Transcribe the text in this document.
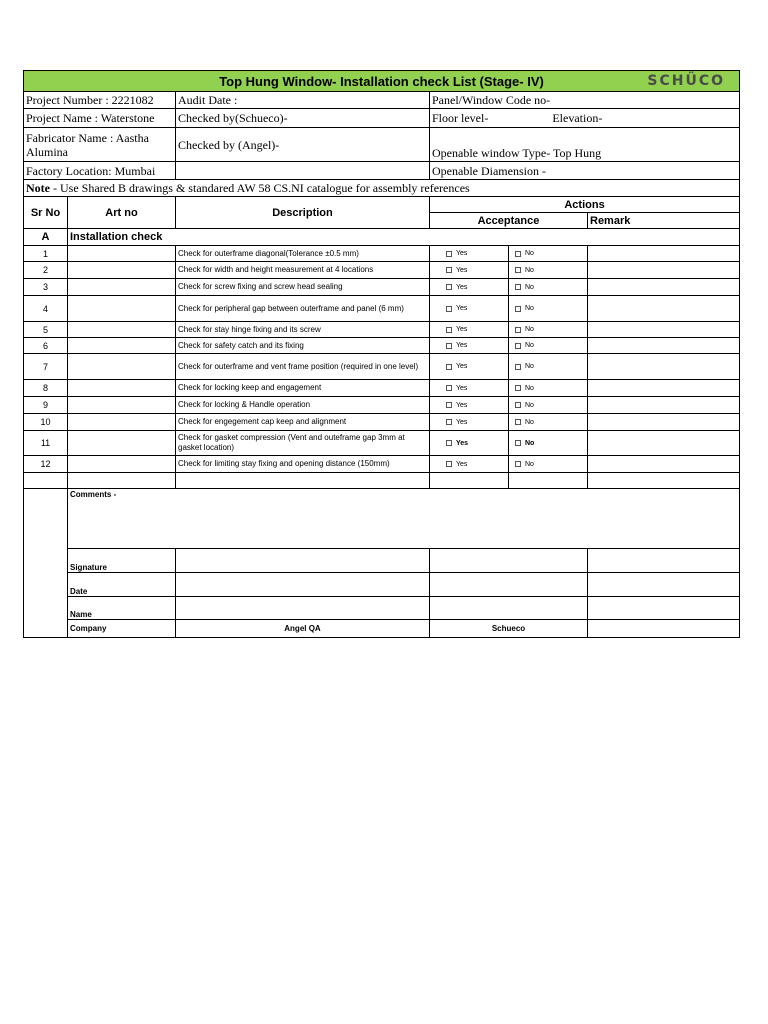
Top Hung Window- Installation check List (Stage- IV) SCHÜCO					

Project Number : 2221082		Audit Date :	Panel/Window Code no-		
Project Name : Waterstone		Checked by(Schueco)-	Floor level- Elevation-		
Fabricator Name : Aastha Alumina		Checked by (Angel)-	Openable window Type- Top Hung		
Factory Location: Mumbai			Openable Diamension -		
Note - Use Shared B drawings & standared AW 58 CS.NI catalogue for assembly references					
Sr No	Art no	Description	Actions		
			Acceptance		Remark
A	Installation check				
1		Check for outerframe diagonal(Tolerance ±0.5 mm)	Yes	No	

2		Check for width and height measurement at 4 locations	Yes	No	

3		Check for screw fixing and screw head sealing	Yes	No	

4		Check for peripheral gap between outerframe and panel (6 mm)	Yes	No	

5		Check for stay hinge fixing and its screw	Yes	No	

6		Check for safety catch and its fixing	Yes	No	

7		Check for outerframe and vent frame position (required in one level)	Yes	No	

8		Check for locking keep and engagement	Yes	No	

9		Check for locking & Handle operation	Yes	No	

10		Check for engegement cap keep and alignment	Yes	No	

11		Check for gasket compression (Vent and outeframe gap 3mm at gasket location)	Yes	No	

12		Check for limiting stay fixing and opening distance (150mm)	Yes	No	

	Comments -				
	Signature				
	Date				
	Name				
	Company	Angel QA	Schueco		
